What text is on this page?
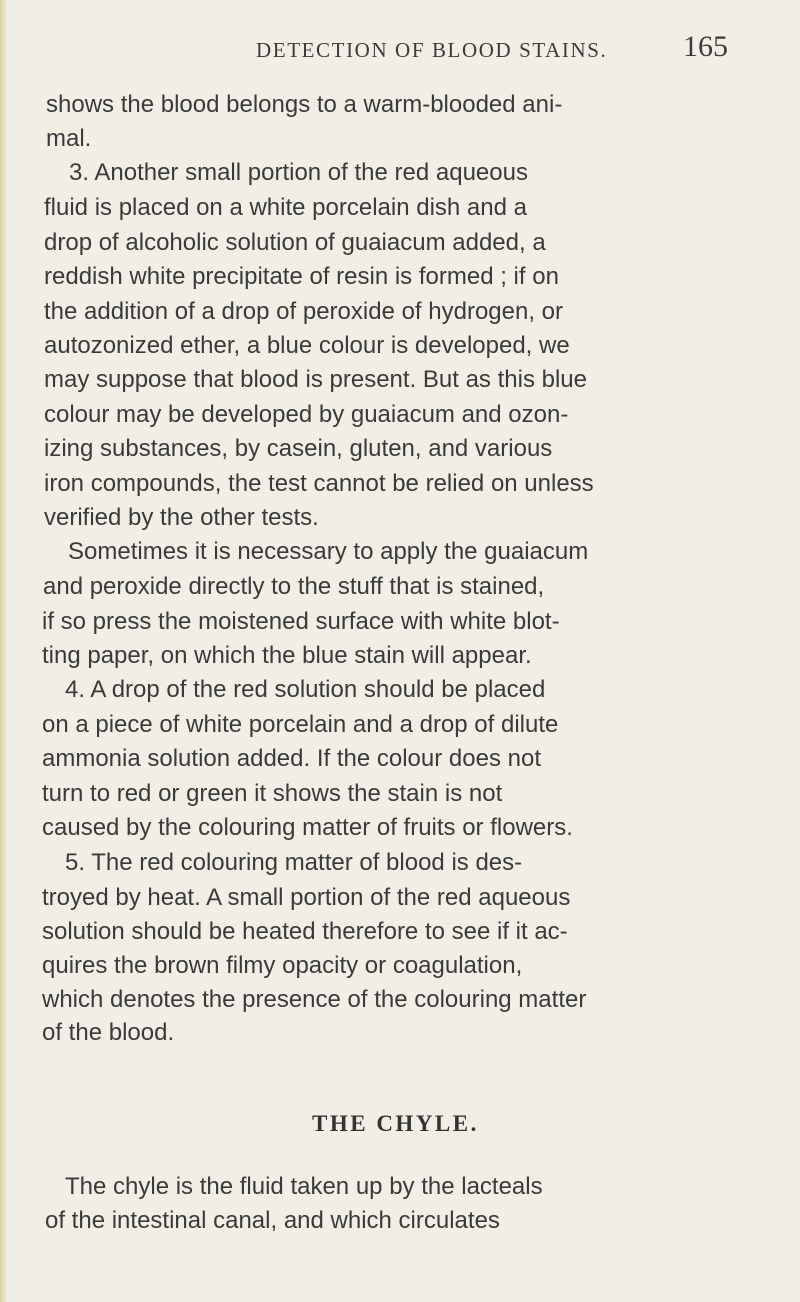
DETECTION OF BLOOD STAINS.	165
shows the blood belongs to a warm-blooded ani-
mal.
3. Another small portion of the red aqueous
fluid is placed on a white porcelain dish and a
drop of alcoholic solution of guaiacum added, a
reddish white precipitate of resin is formed ; if on
the addition of a drop of peroxide of hydrogen, or
autozonized ether, a blue colour is developed, we
may suppose that blood is present. But as this blue
colour may be developed by guaiacum and ozon-
izing substances, by casein, gluten, and various
iron compounds, the test cannot be relied on unless
verified by the other tests.
Sometimes it is necessary to apply the guaiacum
and peroxide directly to the stuff that is stained,
if so press the moistened surface with white blot-
ting paper, on which the blue stain will appear.
4. A drop of the red solution should be placed
on a piece of white porcelain and a drop of dilute
ammonia solution added. If the colour does not
turn to red or green it shows the stain is not
caused by the colouring matter of fruits or flowers.
5. The red colouring matter of blood is des-
troyed by heat. A small portion of the red aqueous
solution should be heated therefore to see if it ac-
quires the brown filmy opacity or coagulation,
which denotes the presence of the colouring matter
of the blood.
THE CHYLE.
The chyle is the fluid taken up by the lacteals
of the intestinal canal, and which circulates
